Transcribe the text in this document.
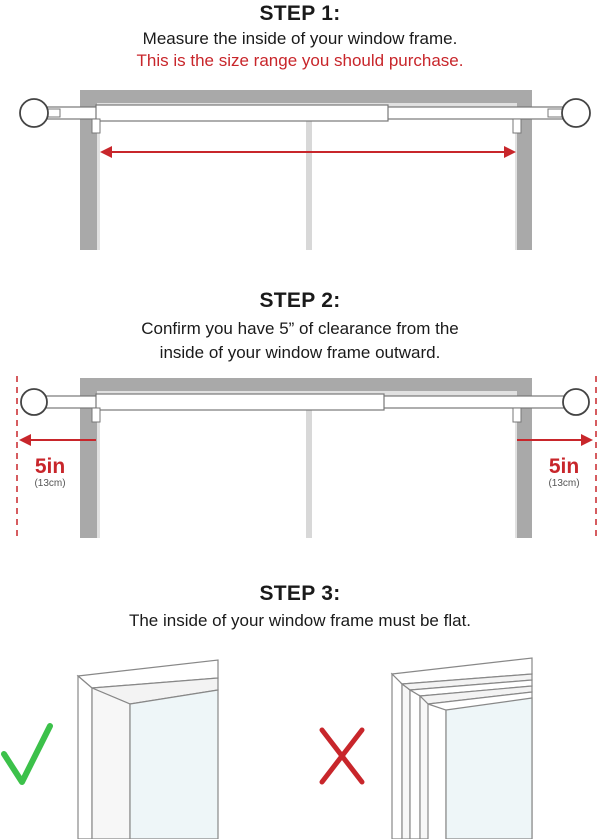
STEP 1:
Measure the inside of your window frame.
This is the size range you should purchase.
STEP 2:
Confirm you have 5” of clearance from the
inside of your window frame outward.
5in
(13cm)
5in
(13cm)
STEP 3:
The inside of your window frame must be flat.
